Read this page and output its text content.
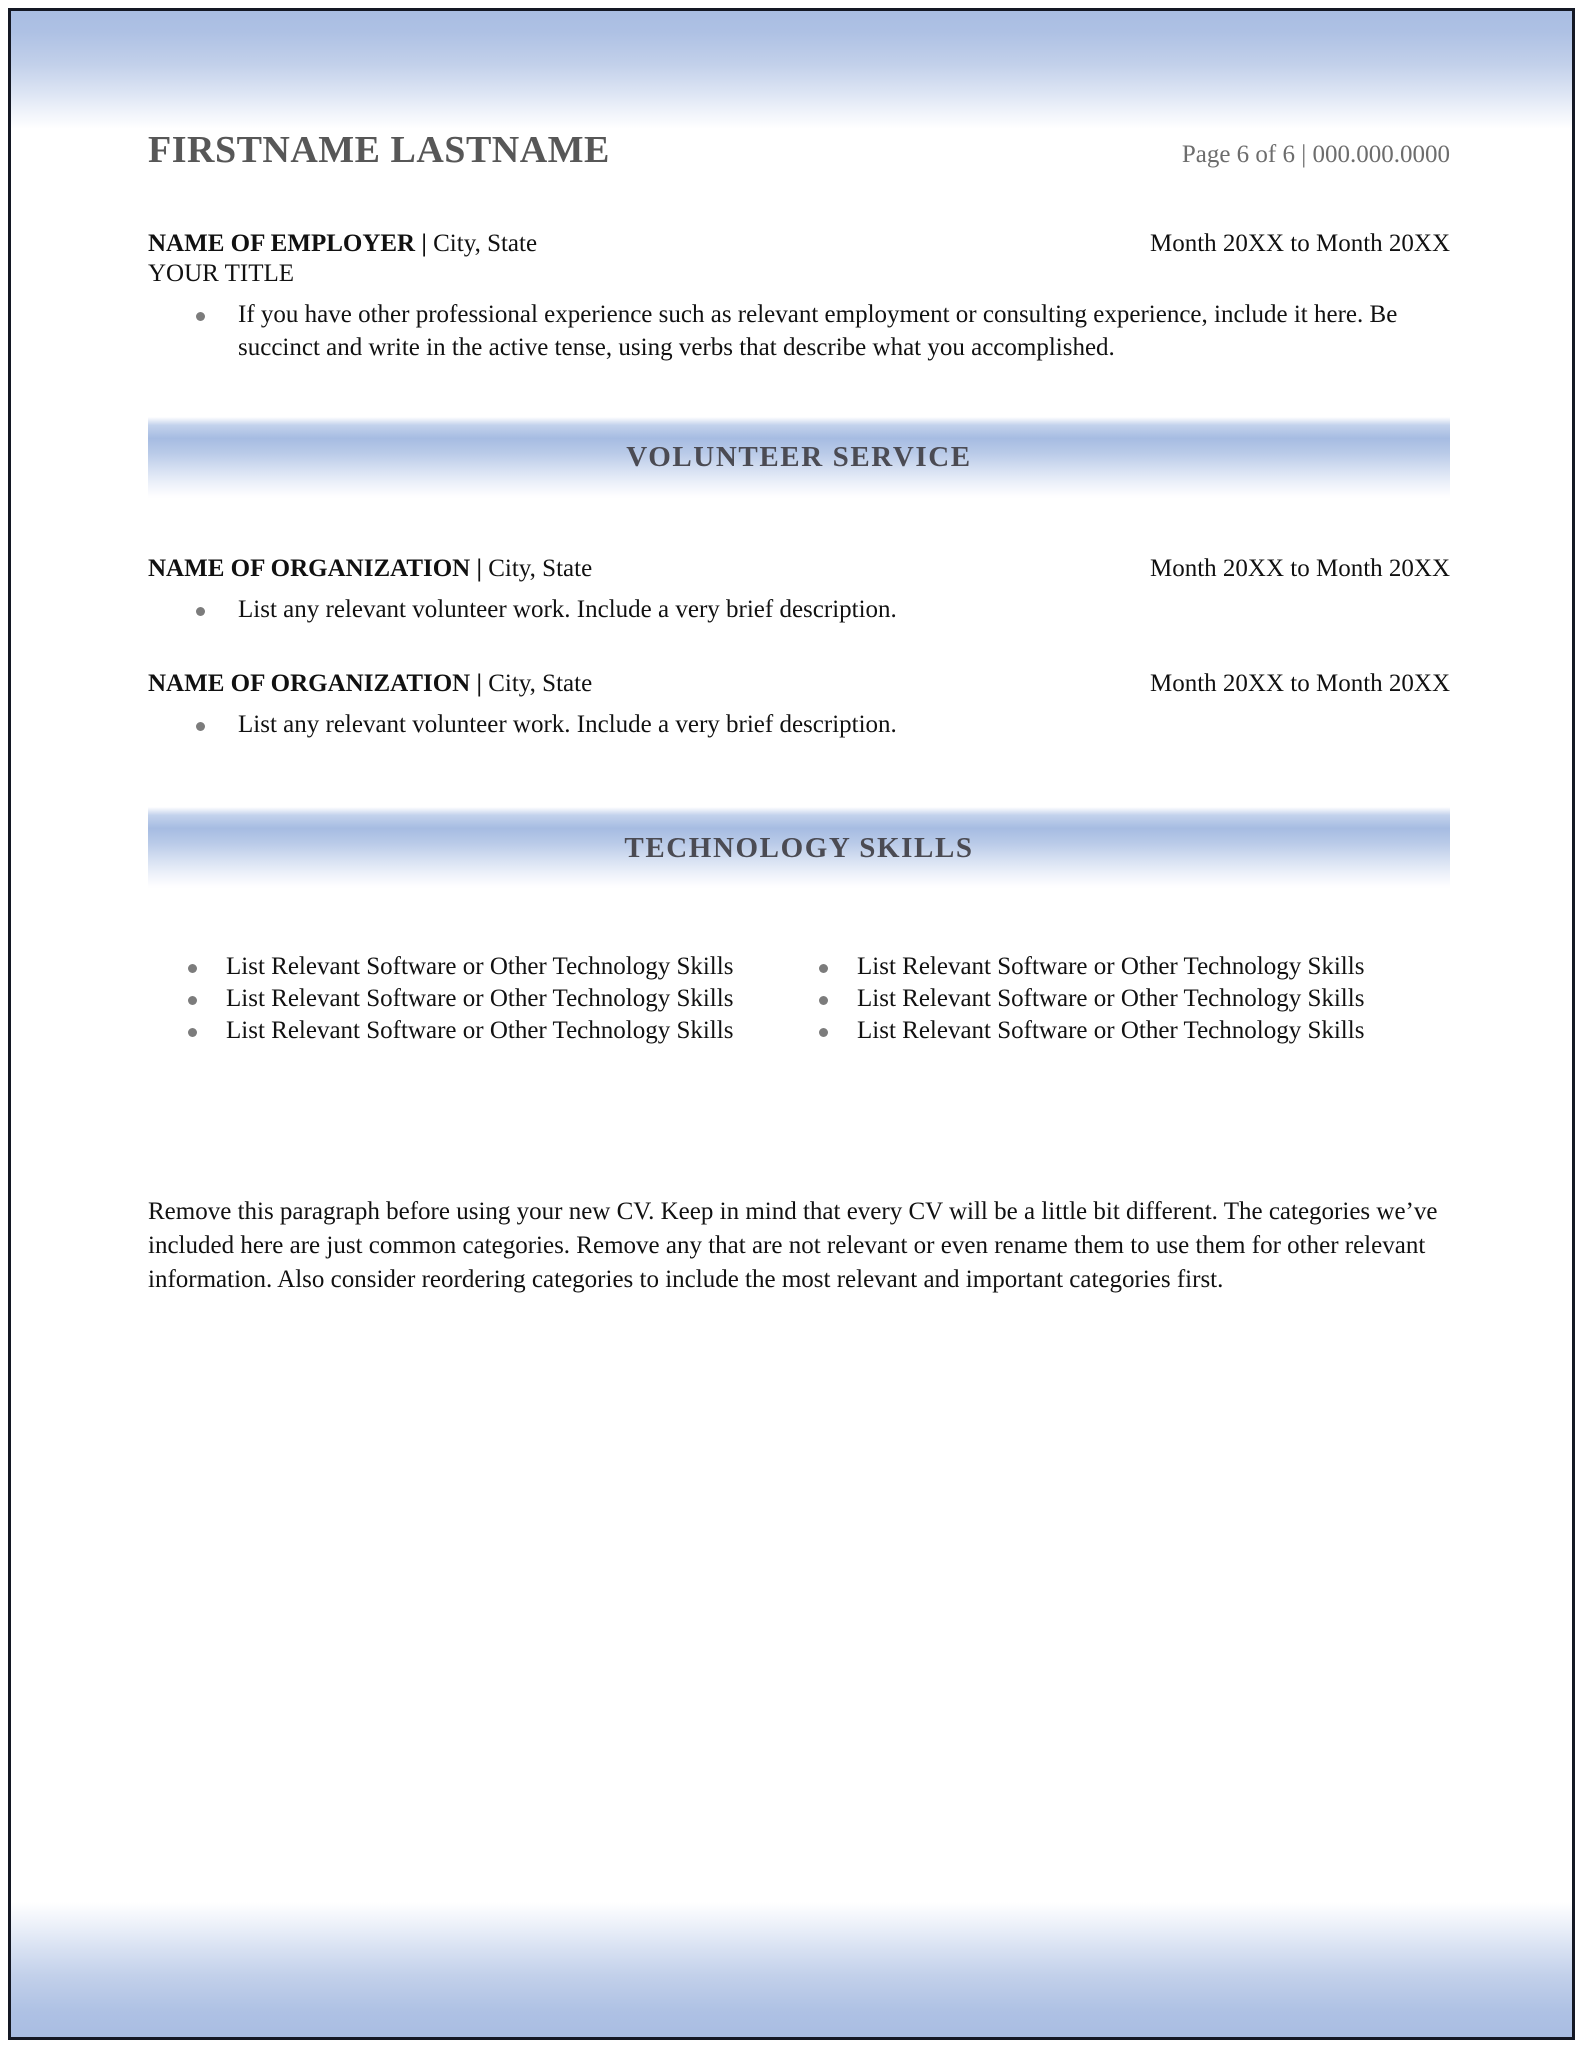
FIRSTNAME LASTNAME	Page 6 of 6 | 000.000.0000
NAME OF EMPLOYER | City, State	Month 20XX to Month 20XX
YOUR TITLE
If you have other professional experience such as relevant employment or consulting experience, include it here. Be succinct and write in the active tense, using verbs that describe what you accomplished.
VOLUNTEER SERVICE
NAME OF ORGANIZATION | City, State	Month 20XX to Month 20XX
List any relevant volunteer work. Include a very brief description.
NAME OF ORGANIZATION | City, State	Month 20XX to Month 20XX
List any relevant volunteer work. Include a very brief description.
TECHNOLOGY SKILLS
List Relevant Software or Other Technology Skills
List Relevant Software or Other Technology Skills
List Relevant Software or Other Technology Skills
List Relevant Software or Other Technology Skills
List Relevant Software or Other Technology Skills
List Relevant Software or Other Technology Skills
Remove this paragraph before using your new CV. Keep in mind that every CV will be a little bit different. The categories we’ve included here are just common categories. Remove any that are not relevant or even rename them to use them for other relevant information. Also consider reordering categories to include the most relevant and important categories first.
